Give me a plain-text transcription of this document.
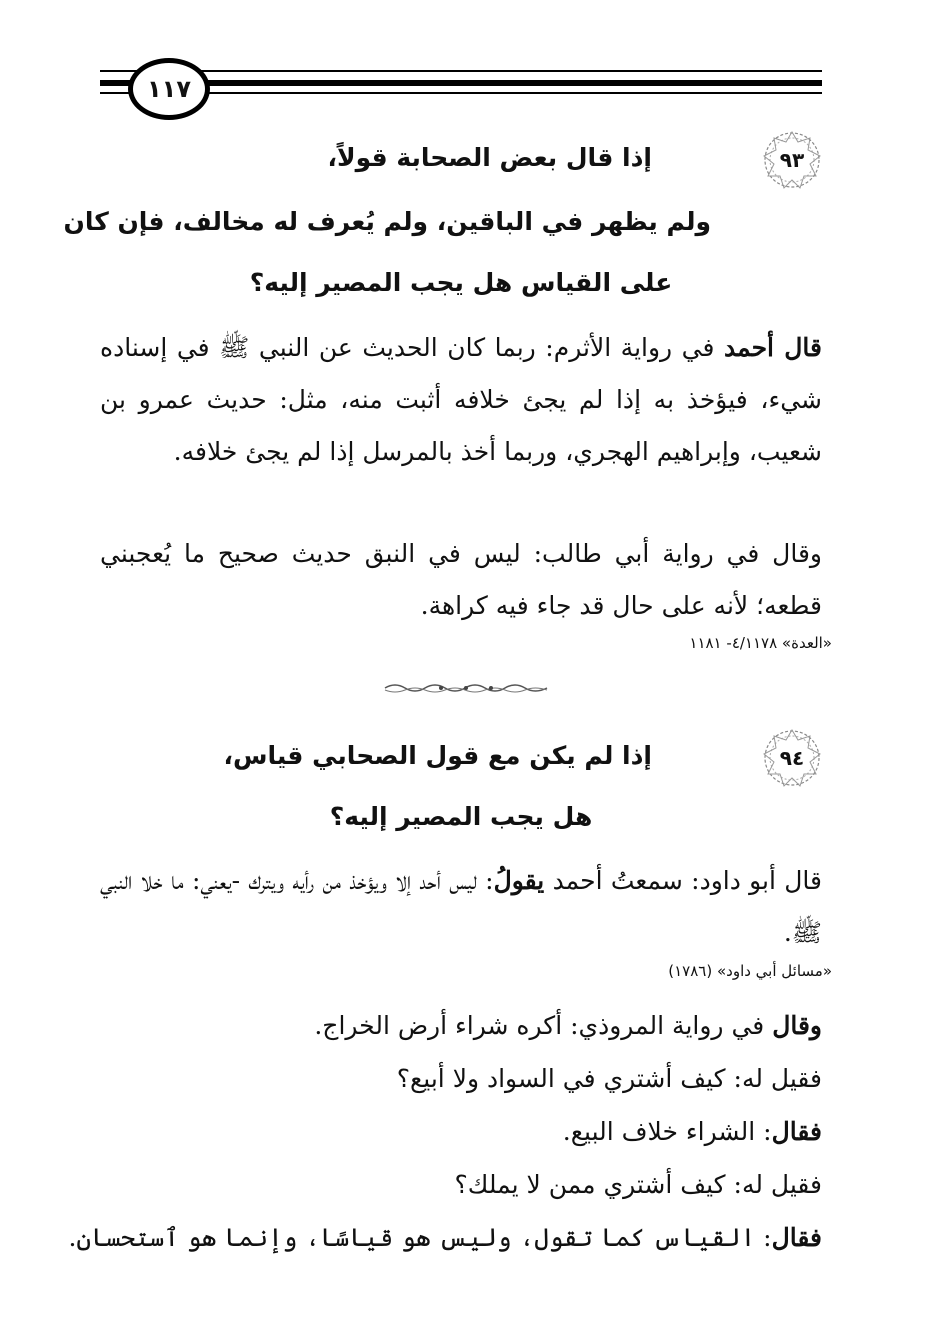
١١٧
٩٣
إذا قال بعض الصحابة قولاً،
ولم يظهر في الباقين، ولم يُعرف له مخالف، فإن كان
على القياس هل يجب المصير إليه؟
قال أحمد في رواية الأثرم: ربما كان الحديث عن النبي ﷺ في إسناده شيء، فيؤخذ به إذا لم يجئ خلافه أثبت منه، مثل: حديث عمرو بن شعيب، وإبراهيم الهجري، وربما أخذ بالمرسل إذا لم يجئ خلافه.
وقال في رواية أبي طالب: ليس في النبق حديث صحيح ما يُعجبني قطعه؛ لأنه على حال قد جاء فيه كراهة.
«العدة» ٤/١١٧٨- ١١٨١
٩٤
إذا لم يكن مع قول الصحابي قياس،
هل يجب المصير إليه؟
قال أبو داود: سمعتُ أحمد يقولُ: ليس أحد إلا ويؤخذ من رأيه ويترك -يعني: ما خلا النبي ﷺ.
«مسائل أبي داود» (١٧٨٦)
وقال في رواية المروذي: أكره شراء أرض الخراج.
فقيل له: كيف أشتري في السواد ولا أبيع؟
فقال: الشراء خلاف البيع.
فقيل له: كيف أشتري ممن لا يملك؟
فقال: القياس كما تقول، وليس هو قياسًا، وإنما هو ٱستحسان.
